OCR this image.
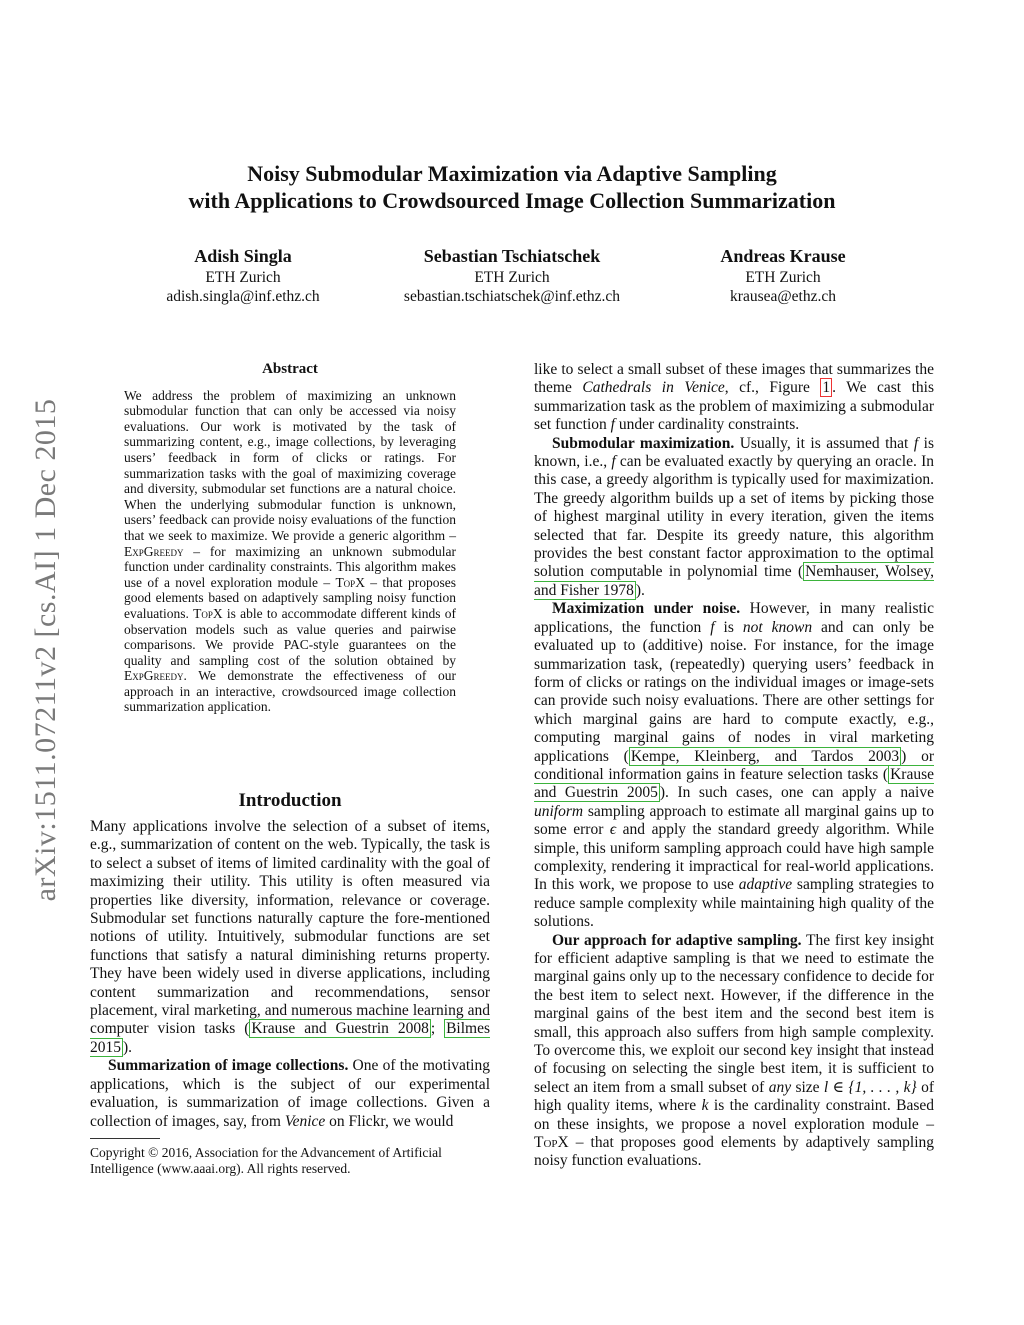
Noisy Submodular Maximization via Adaptive Sampling
with Applications to Crowdsourced Image Collection Summarization
Adish Singla
ETH Zurich
adish.singla@inf.ethz.ch
Sebastian Tschiatschek
ETH Zurich
sebastian.tschiatschek@inf.ethz.ch
Andreas Krause
ETH Zurich
krausea@ethz.ch
arXiv:1511.07211v2 [cs.AI] 1 Dec 2015
Abstract

We address the problem of maximizing an unknown submodular function that can only be accessed via noisy evaluations. Our work is motivated by the task of summarizing content, e.g., image collections, by leveraging users’ feedback in form of clicks or ratings. For summarization tasks with the goal of maximizing coverage and diversity, submodular set functions are a natural choice. When the underlying submodular function is unknown, users’ feedback can provide noisy evaluations of the function that we seek to maximize. We provide a generic algorithm – ExpGreedy – for maximizing an unknown submodular function under cardinality constraints. This algorithm makes use of a novel exploration module – TopX – that proposes good elements based on adaptively sampling noisy function evaluations. TopX is able to accommodate different kinds of observation models such as value queries and pairwise comparisons. We provide PAC-style guarantees on the quality and sampling cost of the solution obtained by ExpGreedy. We demonstrate the effectiveness of our approach in an interactive, crowdsourced image collection summarization application.

Introduction

Many applications involve the selection of a subset of items, e.g., summarization of content on the web. Typically, the task is to select a subset of items of limited cardinality with the goal of maximizing their utility. This utility is often measured via properties like diversity, information, relevance or coverage. Submodular set functions naturally capture the fore-mentioned notions of utility. Intuitively, submodular functions are set functions that satisfy a natural diminishing returns property. They have been widely used in diverse applications, including content summarization and recommendations, sensor placement, viral marketing, and numerous machine learning and computer vision tasks ( Krause and Guestrin 2008 ; Bilmes 2015 ).

Summarization of image collections. One of the motivating applications, which is the subject of our experimental evaluation, is summarization of image collections. Given a collection of images, say, from Venice on Flickr, we would

Copyright © 2016, Association for the Advancement of Artificial Intelligence (www.aaai.org). All rights reserved.

like to select a small subset of these images that summarizes the theme Cathedrals in Venice, cf., Figure 1 . We cast this summarization task as the problem of maximizing a submodular set function f under cardinality constraints.

Submodular maximization. Usually, it is assumed that f is known, i.e., f can be evaluated exactly by querying an oracle. In this case, a greedy algorithm is typically used for maximization. The greedy algorithm builds up a set of items by picking those of highest marginal utility in every iteration, given the items selected that far. Despite its greedy nature, this algorithm provides the best constant factor approximation to the optimal solution computable in polynomial time ( Nemhauser, Wolsey, and Fisher 1978 ).

Maximization under noise. However, in many realistic applications, the function f is not known and can only be evaluated up to (additive) noise. For instance, for the image summarization task, (repeatedly) querying users’ feedback in form of clicks or ratings on the individual images or image-sets can provide such noisy evaluations. There are other settings for which marginal gains are hard to compute exactly, e.g., computing marginal gains of nodes in viral marketing applications ( Kempe, Kleinberg, and Tardos 2003 ) or conditional information gains in feature selection tasks ( Krause and Guestrin 2005 ). In such cases, one can apply a naive uniform sampling approach to estimate all marginal gains up to some error ϵ and apply the standard greedy algorithm. While simple, this uniform sampling approach could have high sample complexity, rendering it impractical for real-world applications. In this work, we propose to use adaptive sampling strategies to reduce sample complexity while maintaining high quality of the solutions.

Our approach for adaptive sampling. The first key insight for efficient adaptive sampling is that we need to estimate the marginal gains only up to the necessary confidence to decide for the best item to select next. However, if the difference in the marginal gains of the best item and the second best item is small, this approach also suffers from high sample complexity. To overcome this, we exploit our second key insight that instead of focusing on selecting the single best item, it is sufficient to select an item from a small subset of any size l ∈ {1, . . . , k} of high quality items, where k is the cardinality constraint. Based on these insights, we propose a novel exploration module – TopX – that proposes good elements by adaptively sampling noisy function evaluations.
